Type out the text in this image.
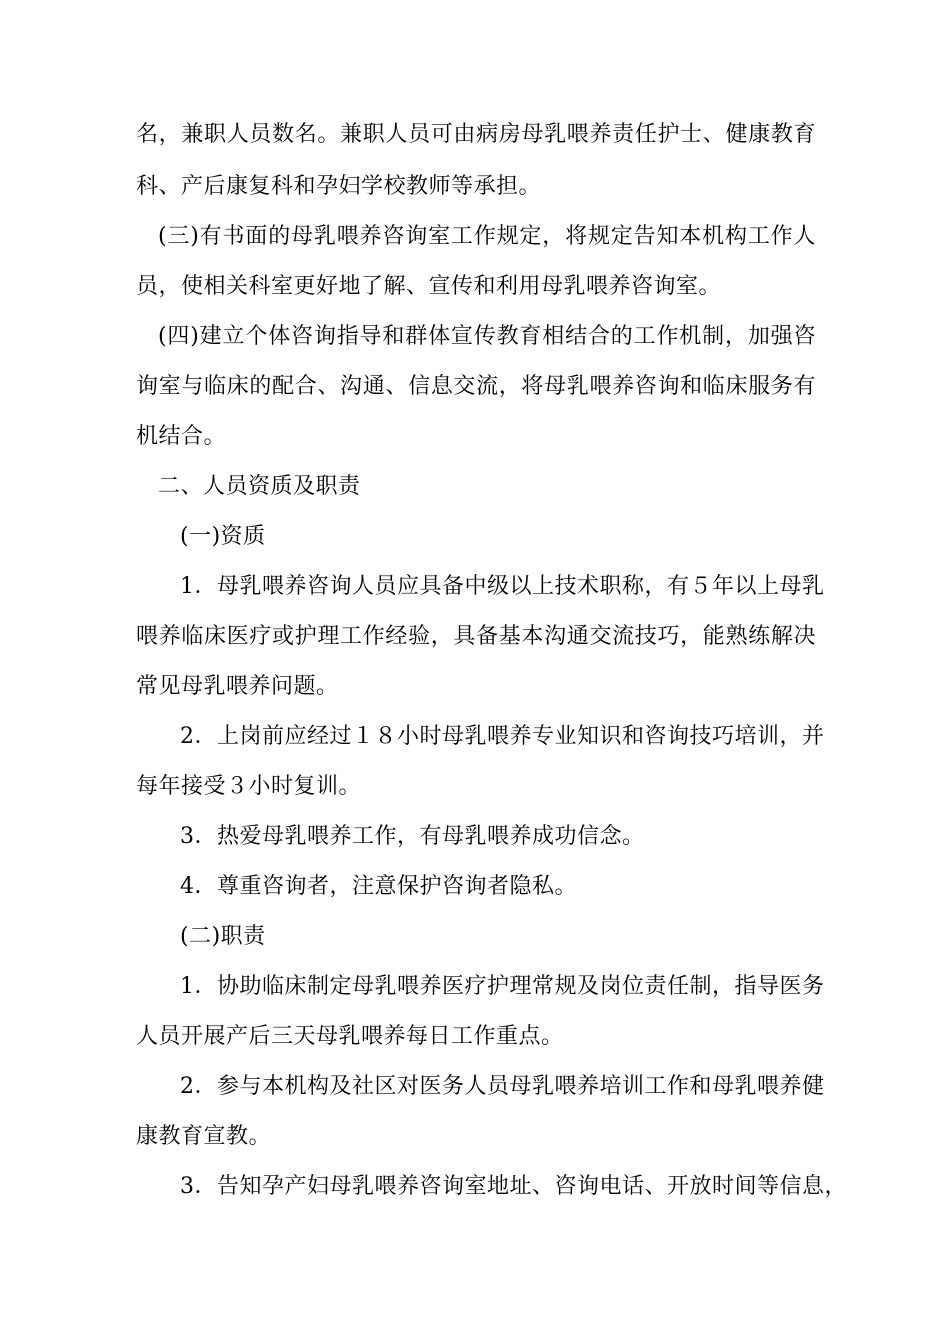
名，兼职人员数名。兼职人员可由病房母乳喂养责任护士、健康教育
科、产后康复科和孕妇学校教师等承担。
(三)有书面的母乳喂养咨询室工作规定，将规定告知本机构工作人
员，使相关科室更好地了解、宣传和利用母乳喂养咨询室。
(四)建立个体咨询指导和群体宣传教育相结合的工作机制，加强咨
询室与临床的配合、沟通、信息交流，将母乳喂养咨询和临床服务有
机结合。
二、人员资质及职责
(一)资质
1．母乳喂养咨询人员应具备中级以上技术职称，有５年以上母乳
喂养临床医疗或护理工作经验，具备基本沟通交流技巧，能熟练解决
常见母乳喂养问题。
2．上岗前应经过１８小时母乳喂养专业知识和咨询技巧培训，并
每年接受３小时复训。
3．热爱母乳喂养工作，有母乳喂养成功信念。
4．尊重咨询者，注意保护咨询者隐私。
(二)职责
1．协助临床制定母乳喂养医疗护理常规及岗位责任制，指导医务
人员开展产后三天母乳喂养每日工作重点。
2．参与本机构及社区对医务人员母乳喂养培训工作和母乳喂养健
康教育宣教。
3．告知孕产妇母乳喂养咨询室地址、咨询电话、开放时间等信息，
